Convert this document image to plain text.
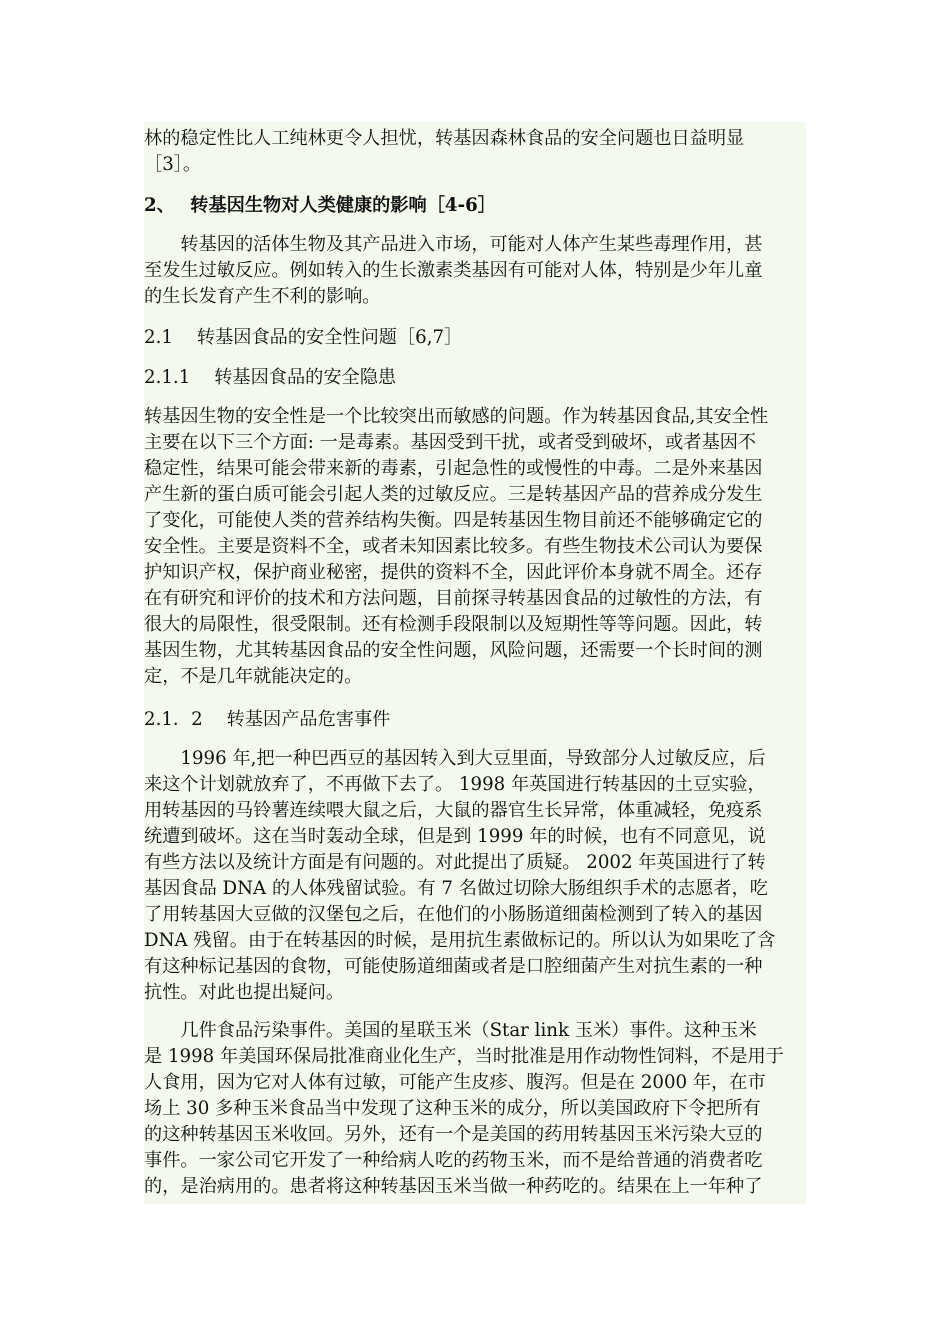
林的稳定性比人工纯林更令人担忧，转基因森林食品的安全问题也日益明显
［3］。
2、　 转基因生物对人类健康的影响［4-6］
　　转基因的活体生物及其产品进入市场，可能对人体产生某些毒理作用，甚
至发生过敏反应。例如转入的生长激素类基因有可能对人体，特别是少年儿童
的生长发育产生不利的影响。
2.1　 转基因食品的安全性问题［6,7］
2.1.1　 转基因食品的安全隐患
转基因生物的安全性是一个比较突出而敏感的问题。作为转基因食品,其安全性
主要在以下三个方面: 一是毒素。基因受到干扰，或者受到破坏，或者基因不
稳定性，结果可能会带来新的毒素，引起急性的或慢性的中毒。二是外来基因
产生新的蛋白质可能会引起人类的过敏反应。三是转基因产品的营养成分发生
了变化，可能使人类的营养结构失衡。四是转基因生物目前还不能够确定它的
安全性。主要是资料不全，或者未知因素比较多。有些生物技术公司认为要保
护知识产权，保护商业秘密，提供的资料不全，因此评价本身就不周全。还存
在有研究和评价的技术和方法问题，目前探寻转基因食品的过敏性的方法，有
很大的局限性，很受限制。还有检测手段限制以及短期性等等问题。因此，转
基因生物，尤其转基因食品的安全性问题，风险问题，还需要一个长时间的测
定，不是几年就能决定的。
2.1．2　 转基因产品危害事件
　　1996 年,把一种巴西豆的基因转入到大豆里面，导致部分人过敏反应，后
来这个计划就放弃了，不再做下去了。 1998 年英国进行转基因的土豆实验，
用转基因的马铃薯连续喂大鼠之后，大鼠的器官生长异常，体重减轻，免疫系
统遭到破坏。这在当时轰动全球，但是到 1999 年的时候，也有不同意见，说
有些方法以及统计方面是有问题的。对此提出了质疑。 2002 年英国进行了转
基因食品 DNA 的人体残留试验。有 7 名做过切除大肠组织手术的志愿者，吃
了用转基因大豆做的汉堡包之后，在他们的小肠肠道细菌检测到了转入的基因
DNA 残留。由于在转基因的时候，是用抗生素做标记的。所以认为如果吃了含
有这种标记基因的食物，可能使肠道细菌或者是口腔细菌产生对抗生素的一种
抗性。对此也提出疑问。
　　几件食品污染事件。美国的星联玉米（Star link 玉米）事件。这种玉米
是 1998 年美国环保局批准商业化生产，当时批准是用作动物性饲料，不是用于
人食用，因为它对人体有过敏，可能产生皮疹、腹泻。但是在 2000 年，在市
场上 30 多种玉米食品当中发现了这种玉米的成分，所以美国政府下令把所有
的这种转基因玉米收回。另外，还有一个是美国的药用转基因玉米污染大豆的
事件。一家公司它开发了一种给病人吃的药物玉米，而不是给普通的消费者吃
的，是治病用的。患者将这种转基因玉米当做一种药吃的。结果在上一年种了
